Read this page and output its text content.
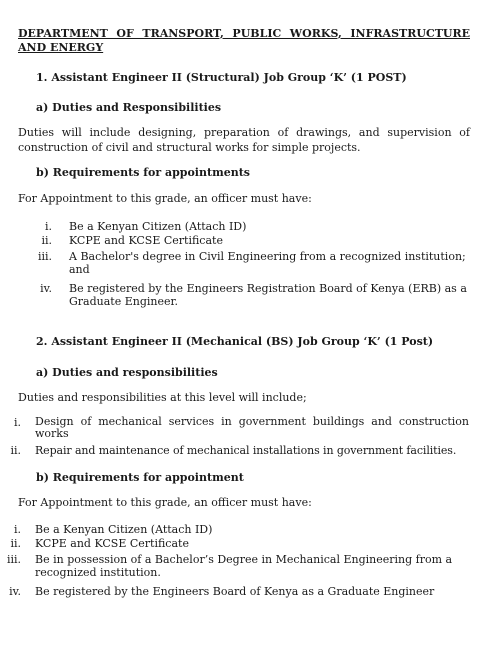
DEPARTMENT OF TRANSPORT, PUBLIC WORKS, INFRASTRUCTURE AND ENERGY
1. Assistant Engineer II (Structural) Job Group ‘K’ (1 POST)
a) Duties and Responsibilities
Duties will include designing, preparation of drawings, and supervision of construction of civil and structural works for simple projects.
b) Requirements for appointments
For Appointment to this grade, an officer must have:
i. Be a Kenyan Citizen (Attach ID)
ii. KCPE and KCSE Certificate
iii. A Bachelor's degree in Civil Engineering from a recognized institution; and
iv. Be registered by the Engineers Registration Board of Kenya (ERB) as a Graduate Engineer.
2. Assistant Engineer II (Mechanical (BS) Job Group ‘K’ (1 Post)
a) Duties and responsibilities
Duties and responsibilities at this level will include;
i. Design of mechanical services in government buildings and construction works
ii. Repair and maintenance of mechanical installations in government facilities.
b) Requirements for appointment
For Appointment to this grade, an officer must have:
i. Be a Kenyan Citizen (Attach ID)
ii. KCPE and KCSE Certificate
iii. Be in possession of a Bachelor’s Degree in Mechanical Engineering from a recognized institution.
iv. Be registered by the Engineers Board of Kenya as a Graduate Engineer
